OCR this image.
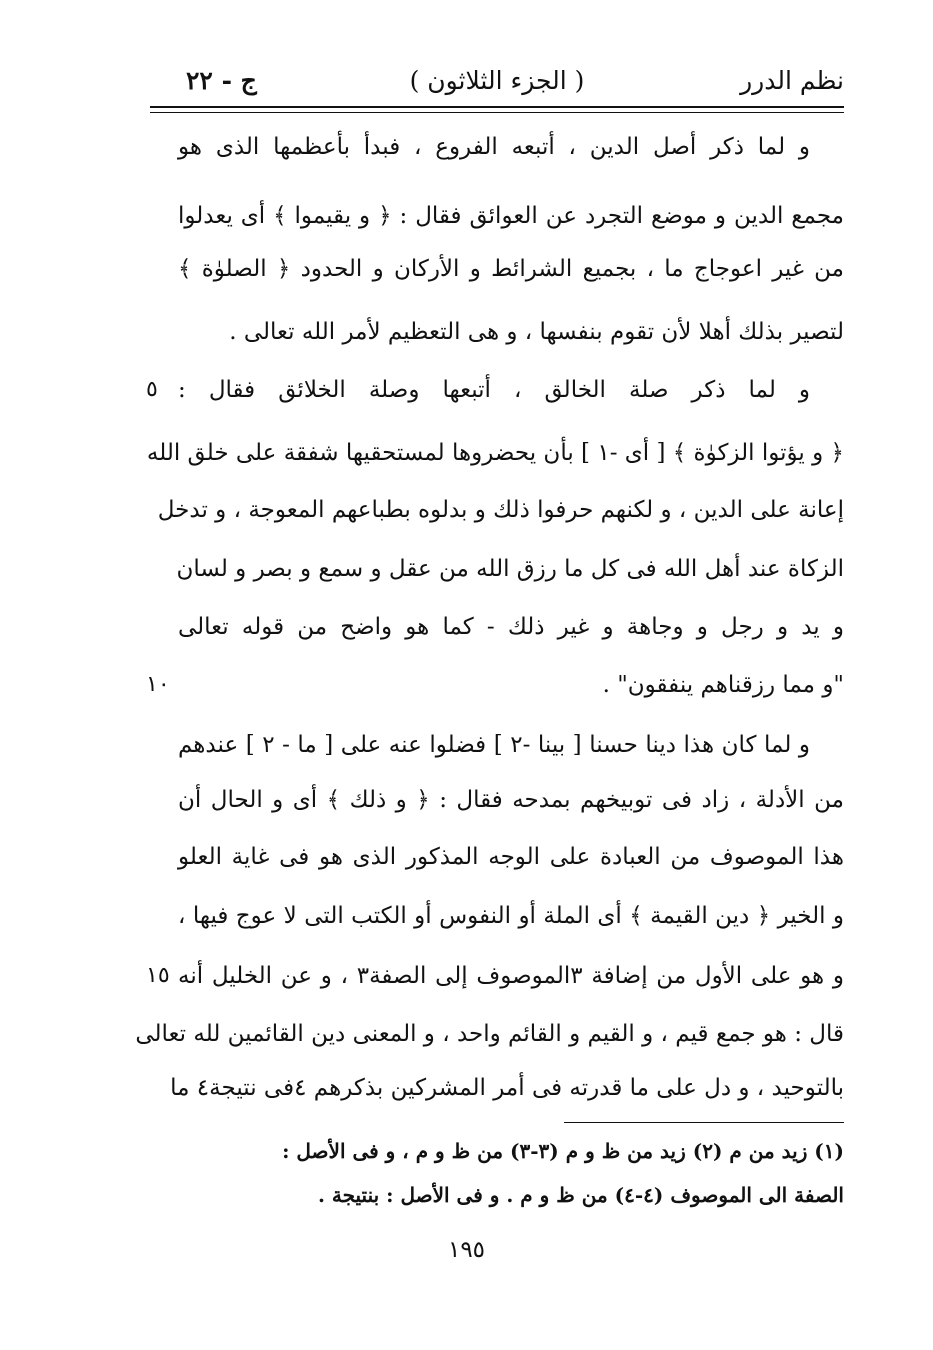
نظم الدرر
( الجزء الثلاثون )
ج - ٢٢
و لما ذكر أصل الدين ، أتبعه الفروع ، فبدأ بأعظمها الذى هو
مجمع الدين و موضع التجرد عن العوائق فقال : ﴿ و يقيموا ﴾ أى يعدلوا
من غير اعوجاج ما ، بجميع الشرائط و الأركان و الحدود ﴿ الصلوٰة ﴾
لتصير بذلك أهلا لأن تقوم بنفسها ، و هى التعظيم لأمر الله تعالى .
و لما ذكر صلة الخالق ، أتبعها وصلة الخلائق فقال :
﴿ و يؤتوا الزكوٰة ﴾ [ أى -١ ] بأن يحضروها لمستحقيها شفقة على خلق الله
إعانة على الدين ، و لكنهم حرفوا ذلك و بدلوه بطباعهم المعوجة ، و تدخل
الزكاة عند أهل الله فى كل ما رزق الله من عقل و سمع و بصر و لسان
و يد و رجل و وجاهة و غير ذلك - كما هو واضح من قوله تعالى
"و مما رزقناهم ينفقون" .
و لما كان هذا دينا حسنا [ بينا -٢ ] فضلوا عنه على [ ما - ٢ ] عندهم
من الأدلة ، زاد فى توبيخهم بمدحه فقال : ﴿ و ذلك ﴾ أى و الحال أن
هذا الموصوف من العبادة على الوجه المذكور الذى هو فى غاية العلو
و الخير ﴿ دين القيمة ﴾ أى الملة أو النفوس أو الكتب التى لا عوج فيها ،
و هو على الأول من إضافة ٣الموصوف إلى الصفة٣ ، و عن الخليل أنه
قال : هو جمع قيم ، و القيم و القائم واحد ، و المعنى دين القائمين لله تعالى
بالتوحيد ، و دل على ما قدرته فى أمر المشركين بذكرهم ٤فى نتيجة٤ ما
٥
١٠
١٥
(١) زيد من م (٢) زيد من ظ و م (٣-٣) من ظ و م ، و فى الأصل :
الصفة الى الموصوف (٤-٤) من ظ و م . و فى الأصل : بنتيجة .
١٩٥
